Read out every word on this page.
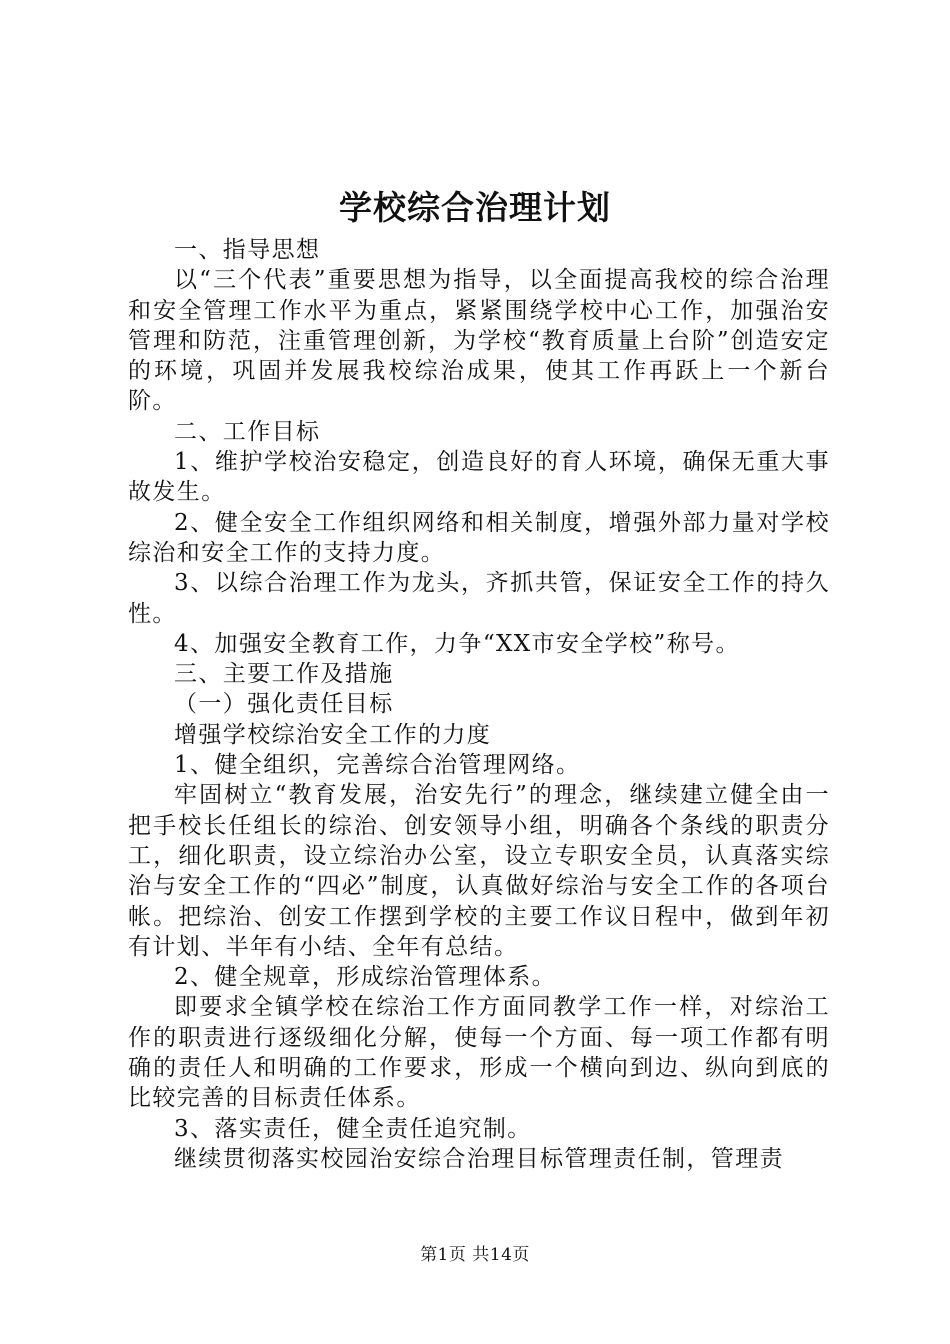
学校综合治理计划

一、指导思想

以“三个代表”重要思想为指导，以全面提高我校的综合治理和安全管理工作水平为重点，紧紧围绕学校中心工作，加强治安管理和防范，注重管理创新，为学校“教育质量上台阶”创造安定的环境，巩固并发展我校综治成果，使其工作再跃上一个新台阶。

二、工作目标

1、维护学校治安稳定，创造良好的育人环境，确保无重大事故发生。

2、健全安全工作组织网络和相关制度，增强外部力量对学校综治和安全工作的支持力度。

3、以综合治理工作为龙头，齐抓共管，保证安全工作的持久性。

4、加强安全教育工作，力争“XX市安全学校”称号。

三、主要工作及措施

（一）强化责任目标

增强学校综治安全工作的力度

1、健全组织，完善综合治管理网络。

牢固树立“教育发展，治安先行”的理念，继续建立健全由一把手校长任组长的综治、创安领导小组，明确各个条线的职责分工，细化职责，设立综治办公室，设立专职安全员，认真落实综治与安全工作的“四必”制度，认真做好综治与安全工作的各项台帐。把综治、创安工作摆到学校的主要工作议日程中，做到年初有计划、半年有小结、全年有总结。

2、健全规章，形成综治管理体系。

即要求全镇学校在综治工作方面同教学工作一样，对综治工作的职责进行逐级细化分解，使每一个方面、每一项工作都有明确的责任人和明确的工作要求，形成一个横向到边、纵向到底的比较完善的目标责任体系。

3、落实责任，健全责任追究制。

继续贯彻落实校园治安综合治理目标管理责任制，管理责

第1页 共14页
